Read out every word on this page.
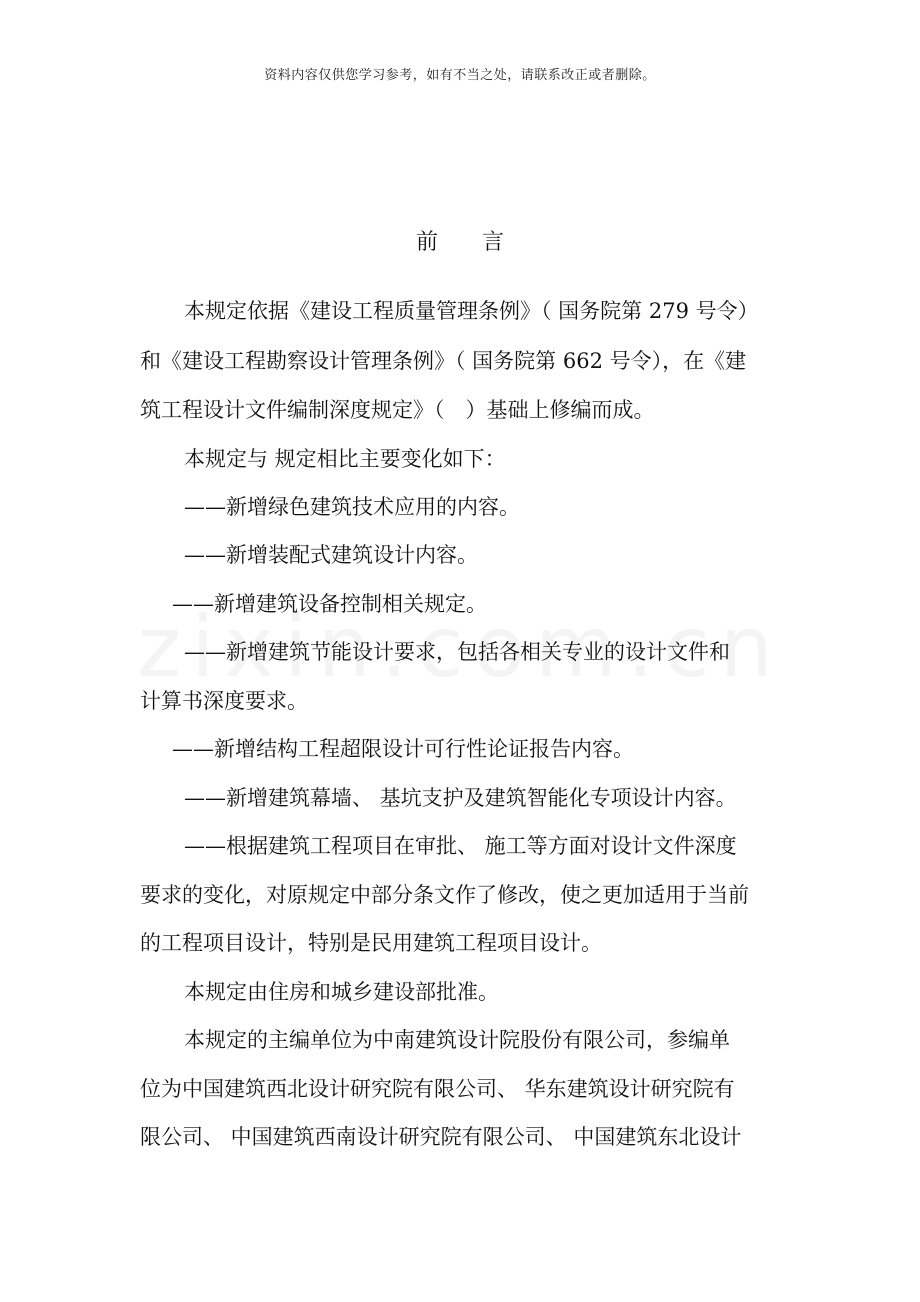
资料内容仅供您学习参考，如有不当之处，请联系改正或者删除。
前言
本规定依据《建设工程质量管理条例》（ 国务院第 279 号令）
和《建设工程勘察设计管理条例》（ 国务院第 662 号令），在《建
筑工程设计文件编制深度规定》（　）基础上修编而成。
本规定与 规定相比主要变化如下：
——新增绿色建筑技术应用的内容。
——新增装配式建筑设计内容。
——新增建筑设备控制相关规定。
——新增建筑节能设计要求，包括各相关专业的设计文件和
计算书深度要求。
——新增结构工程超限设计可行性论证报告内容。
——新增建筑幕墙、 基坑支护及建筑智能化专项设计内容。
——根据建筑工程项目在审批、 施工等方面对设计文件深度
要求的变化，对原规定中部分条文作了修改，使之更加适用于当前
的工程项目设计，特别是民用建筑工程项目设计。
本规定由住房和城乡建设部批准。
本规定的主编单位为中南建筑设计院股份有限公司，参编单
位为中国建筑西北设计研究院有限公司、 华东建筑设计研究院有
限公司、 中国建筑西南设计研究院有限公司、 中国建筑东北设计
